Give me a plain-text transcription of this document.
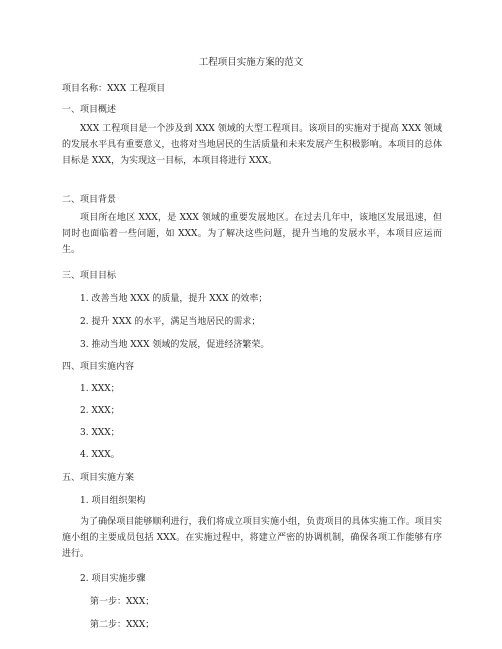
工程项目实施方案的范文
项目名称：XXX 工程项目
一、项目概述
XXX 工程项目是一个涉及到 XXX 领域的大型工程项目。该项目的实施对于提高 XXX 领域的发展水平具有重要意义，也将对当地居民的生活质量和未来发展产生积极影响。本项目的总体目标是 XXX，为实现这一目标，本项目将进行 XXX。
二、项目背景
项目所在地区 XXX，是 XXX 领域的重要发展地区。在过去几年中，该地区发展迅速，但同时也面临着一些问题，如 XXX。为了解决这些问题，提升当地的发展水平，本项目应运而生。
三、项目目标
1. 改善当地 XXX 的质量，提升 XXX 的效率；
2. 提升 XXX 的水平，满足当地居民的需求；
3. 推动当地 XXX 领域的发展，促进经济繁荣。
四、项目实施内容
1. XXX；
2. XXX；
3. XXX；
4. XXX。
五、项目实施方案
1. 项目组织架构
为了确保项目能够顺利进行，我们将成立项目实施小组，负责项目的具体实施工作。项目实施小组的主要成员包括 XXX。在实施过程中，将建立严密的协调机制，确保各项工作能够有序进行。
2. 项目实施步骤
第一步：XXX；
第二步：XXX；
